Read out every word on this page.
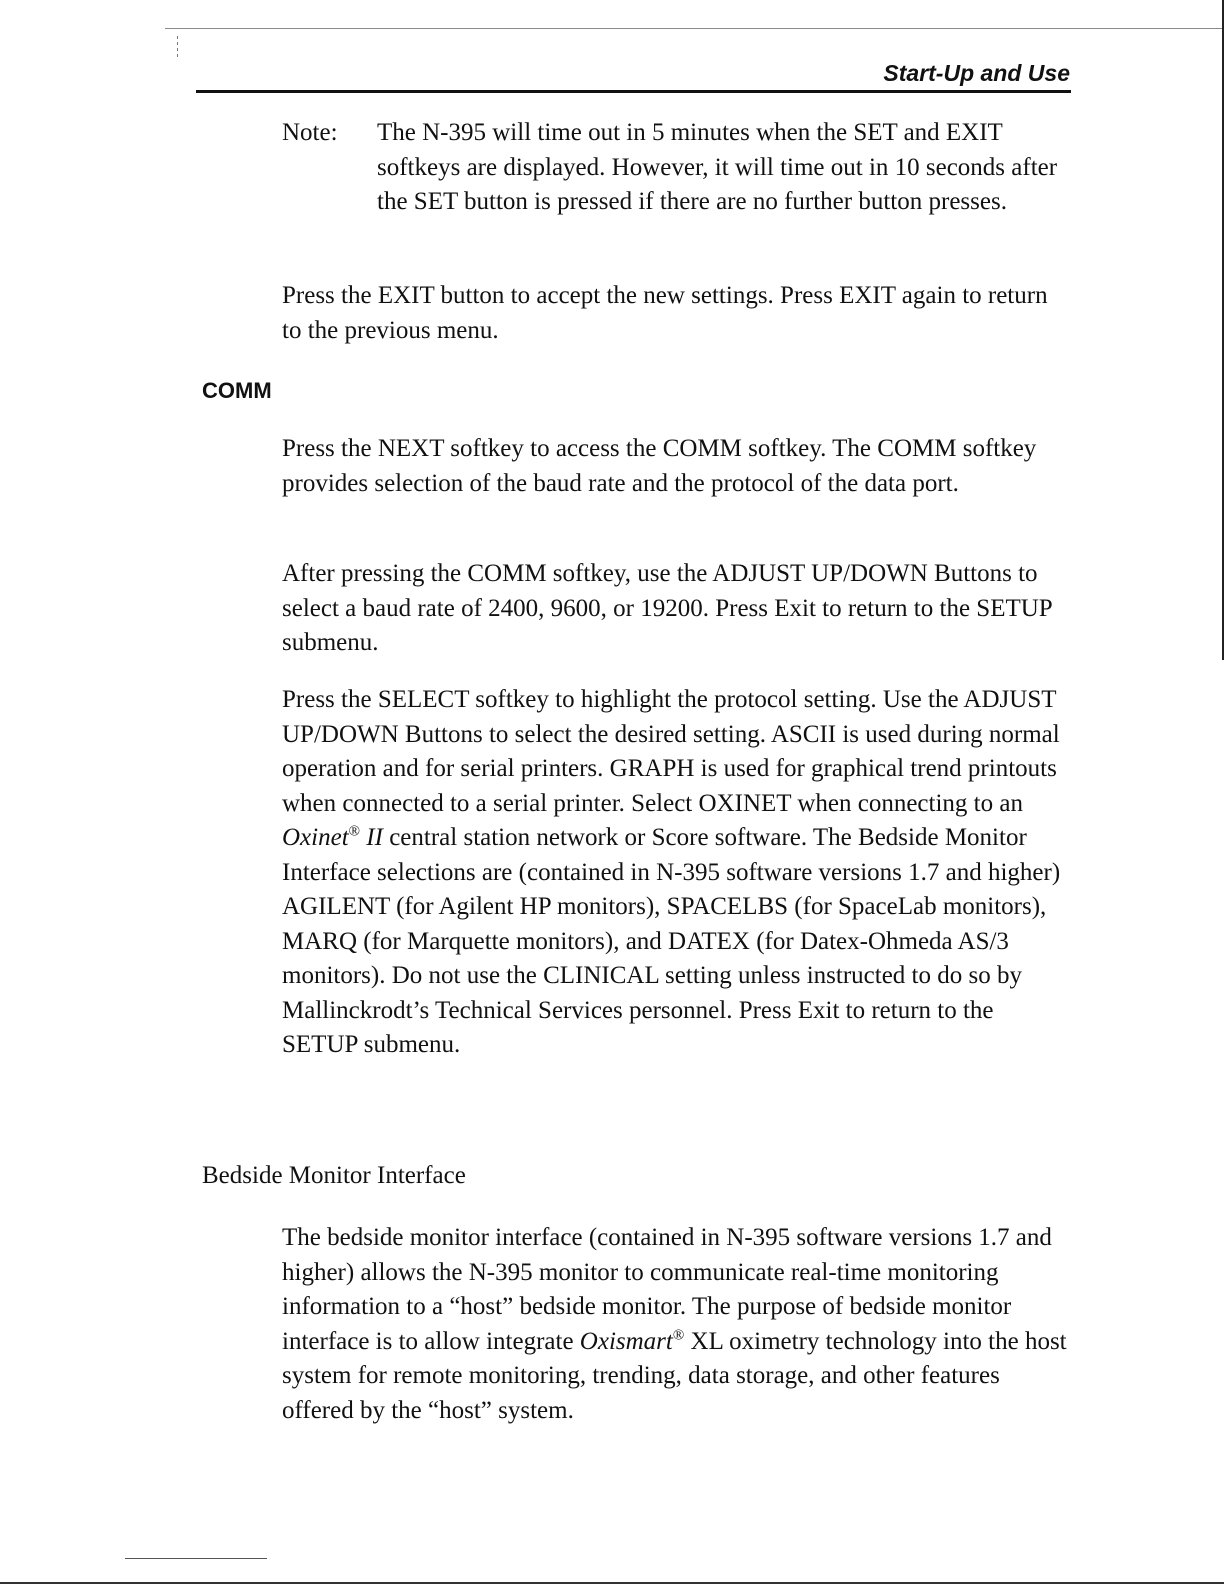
Start-Up and Use
Note: The N-395 will time out in 5 minutes when the SET and EXIT softkeys are displayed. However, it will time out in 10 seconds after the SET button is pressed if there are no further button presses.

Press the EXIT button to accept the new settings. Press EXIT again to return to the previous menu.

COMM

Press the NEXT softkey to access the COMM softkey. The COMM softkey provides selection of the baud rate and the protocol of the data port.

After pressing the COMM softkey, use the ADJUST UP/DOWN Buttons to select a baud rate of 2400, 9600, or 19200. Press Exit to return to the SETUP submenu.

Press the SELECT softkey to highlight the protocol setting. Use the ADJUST UP/DOWN Buttons to select the desired setting. ASCII is used during normal operation and for serial printers. GRAPH is used for graphical trend printouts when connected to a serial printer. Select OXINET when connecting to an Oxinet® II central station network or Score software. The Bedside Monitor Interface selections are (contained in N-395 software versions 1.7 and higher) AGILENT (for Agilent HP monitors), SPACELBS (for SpaceLab monitors), MARQ (for Marquette monitors), and DATEX (for Datex-Ohmeda AS/3 monitors). Do not use the CLINICAL setting unless instructed to do so by Mallinckrodt’s Technical Services personnel. Press Exit to return to the SETUP submenu.

Bedside Monitor Interface

The bedside monitor interface (contained in N-395 software versions 1.7 and higher) allows the N-395 monitor to communicate real-time monitoring information to a “host” bedside monitor. The purpose of bedside monitor interface is to allow integrate Oxismart® XL oximetry technology into the host system for remote monitoring, trending, data storage, and other features offered by the “host” system.
